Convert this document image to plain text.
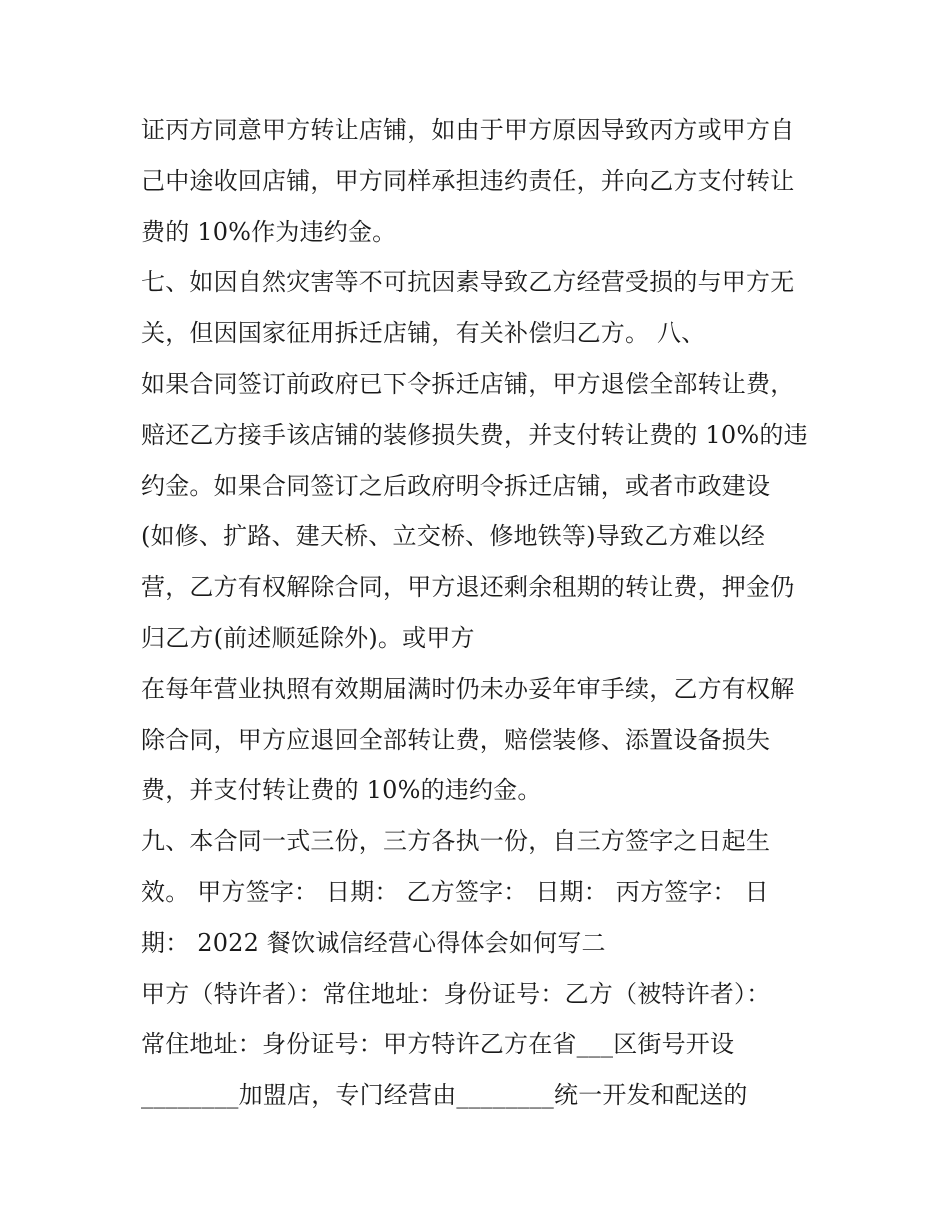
证丙方同意甲方转让店铺，如由于甲方原因导致丙方或甲方自
己中途收回店铺，甲方同样承担违约责任，并向乙方支付转让
费的 10%作为违约金。
七、如因自然灾害等不可抗因素导致乙方经营受损的与甲方无
关，但因国家征用拆迁店铺，有关补偿归乙方。 八、
如果合同签订前政府已下令拆迁店铺，甲方退偿全部转让费，
赔还乙方接手该店铺的装修损失费，并支付转让费的 10%的违
约金。如果合同签订之后政府明令拆迁店铺，或者市政建设
(如修、扩路、建天桥、立交桥、修地铁等)导致乙方难以经
营，乙方有权解除合同，甲方退还剩余租期的转让费，押金仍
归乙方(前述顺延除外)。或甲方
在每年营业执照有效期届满时仍未办妥年审手续，乙方有权解
除合同，甲方应退回全部转让费，赔偿装修、添置设备损失
费，并支付转让费的 10%的违约金。
九、本合同一式三份，三方各执一份，自三方签字之日起生
效。 甲方签字： 日期： 乙方签字： 日期： 丙方签字： 日
期： 2022 餐饮诚信经营心得体会如何写二
甲方（特许者）：常住地址：身份证号：乙方（被特许者）：
常住地址：身份证号：甲方特许乙方在省___区街号开设
________加盟店，专门经营由________统一开发和配送的
